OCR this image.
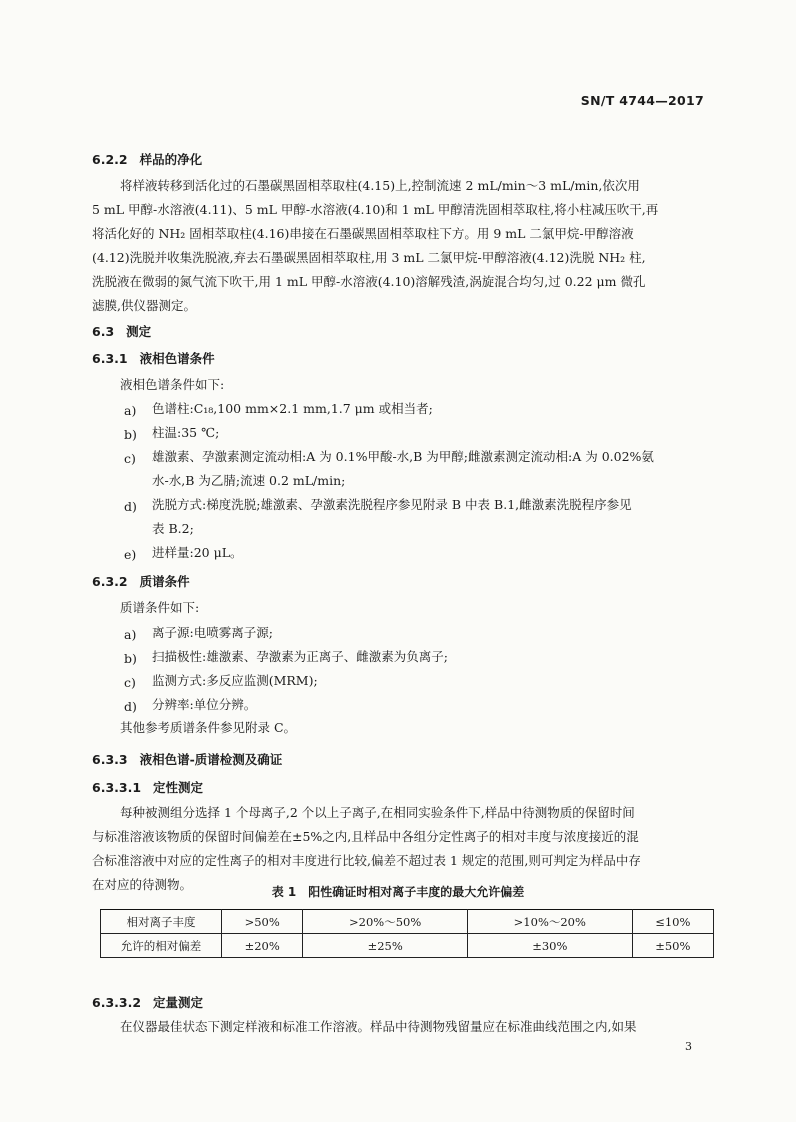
SN/T 4744—2017
6.2.2 样品的净化
将样液转移到活化过的石墨碳黑固相萃取柱(4.15)上,控制流速 2 mL/min～3 mL/min,依次用
5 mL 甲醇-水溶液(4.11)、5 mL 甲醇-水溶液(4.10)和 1 mL 甲醇清洗固相萃取柱,将小柱减压吹干,再
将活化好的 NH₂ 固相萃取柱(4.16)串接在石墨碳黑固相萃取柱下方。用 9 mL 二氯甲烷-甲醇溶液
(4.12)洗脱并收集洗脱液,弃去石墨碳黑固相萃取柱,用 3 mL 二氯甲烷-甲醇溶液(4.12)洗脱 NH₂ 柱,
洗脱液在微弱的氮气流下吹干,用 1 mL 甲醇-水溶液(4.10)溶解残渣,涡旋混合均匀,过 0.22 μm 微孔
滤膜,供仪器测定。
6.3 测定
6.3.1 液相色谱条件
液相色谱条件如下:
a) 色谱柱:C₁₈,100 mm×2.1 mm,1.7 μm 或相当者;
b) 柱温:35 ℃;
c) 雄激素、孕激素测定流动相:A 为 0.1%甲酸-水,B 为甲醇;雌激素测定流动相:A 为 0.02%氨
水-水,B 为乙腈;流速 0.2 mL/min;
d) 洗脱方式:梯度洗脱;雄激素、孕激素洗脱程序参见附录 B 中表 B.1,雌激素洗脱程序参见
表 B.2;
e) 进样量:20 μL。
6.3.2 质谱条件
质谱条件如下:
a) 离子源:电喷雾离子源;
b) 扫描极性:雄激素、孕激素为正离子、雌激素为负离子;
c) 监测方式:多反应监测(MRM);
d) 分辨率:单位分辨。
其他参考质谱条件参见附录 C。
6.3.3 液相色谱-质谱检测及确证
6.3.3.1 定性测定
每种被测组分选择 1 个母离子,2 个以上子离子,在相同实验条件下,样品中待测物质的保留时间
与标准溶液该物质的保留时间偏差在±5%之内,且样品中各组分定性离子的相对丰度与浓度接近的混
合标准溶液中对应的定性离子的相对丰度进行比较,偏差不超过表 1 规定的范围,则可判定为样品中存
在对应的待测物。	表 1　阳性确证时相对离子丰度的最大允许偏差
相对离子丰度	>50%	>20%～50%	>10%～20%	≤10%
允许的相对偏差	±20%	±25%	±30%	±50%
6.3.3.2 定量测定
在仪器最佳状态下测定样液和标准工作溶液。样品中待测物残留量应在标准曲线范围之内,如果
3
